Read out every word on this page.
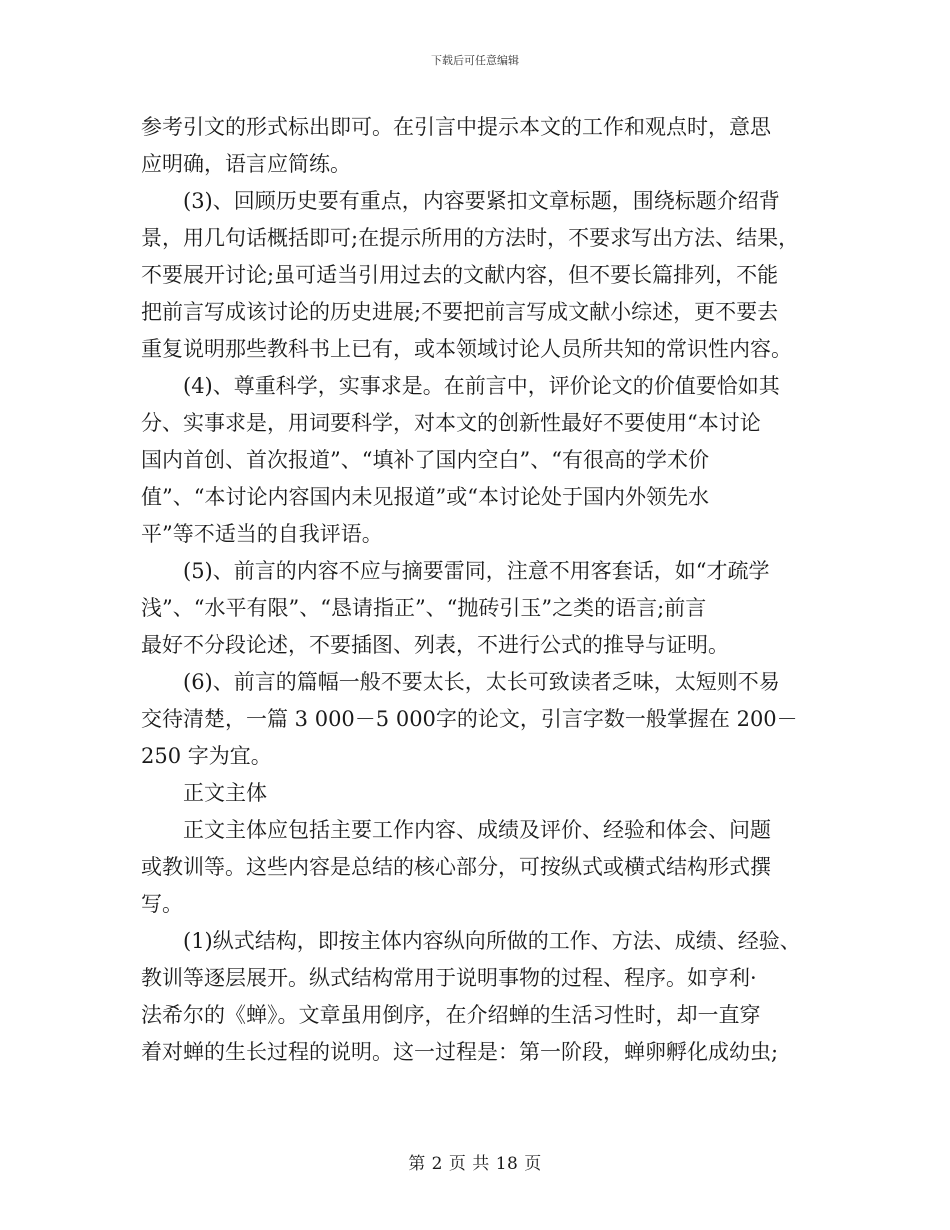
下载后可任意编辑
参考引文的形式标出即可。在引言中提示本文的工作和观点时，意思
应明确，语言应简练。
　　(3)、回顾历史要有重点，内容要紧扣文章标题，围绕标题介绍背
景，用几句话概括即可;在提示所用的方法时，不要求写出方法、结果，
不要展开讨论;虽可适当引用过去的文献内容，但不要长篇排列，不能
把前言写成该讨论的历史进展;不要把前言写成文献小综述，更不要去
重复说明那些教科书上已有，或本领域讨论人员所共知的常识性内容。
　　(4)、尊重科学，实事求是。在前言中，评价论文的价值要恰如其
分、实事求是，用词要科学，对本文的创新性最好不要使用“本讨论
国内首创、首次报道”、“填补了国内空白”、“有很高的学术价
值”、“本讨论内容国内未见报道”或“本讨论处于国内外领先水
平”等不适当的自我评语。
　　(5)、前言的内容不应与摘要雷同，注意不用客套话，如“才疏学
浅”、“水平有限”、“恳请指正”、“抛砖引玉”之类的语言;前言
最好不分段论述，不要插图、列表，不进行公式的推导与证明。
　　(6)、前言的篇幅一般不要太长，太长可致读者乏味，太短则不易
交待清楚，一篇 3 000－5 000字的论文，引言字数一般掌握在 200－
250 字为宜。
　　正文主体
　　正文主体应包括主要工作内容、成绩及评价、经验和体会、问题
或教训等。这些内容是总结的核心部分，可按纵式或横式结构形式撰
写。
　　(1)纵式结构，即按主体内容纵向所做的工作、方法、成绩、经验、
教训等逐层展开。纵式结构常用于说明事物的过程、程序。如亨利·
法希尔的《蝉》。文章虽用倒序，在介绍蝉的生活习性时，却一直穿
着对蝉的生长过程的说明。这一过程是：第一阶段，蝉卵孵化成幼虫;
第 2 页 共 18 页
